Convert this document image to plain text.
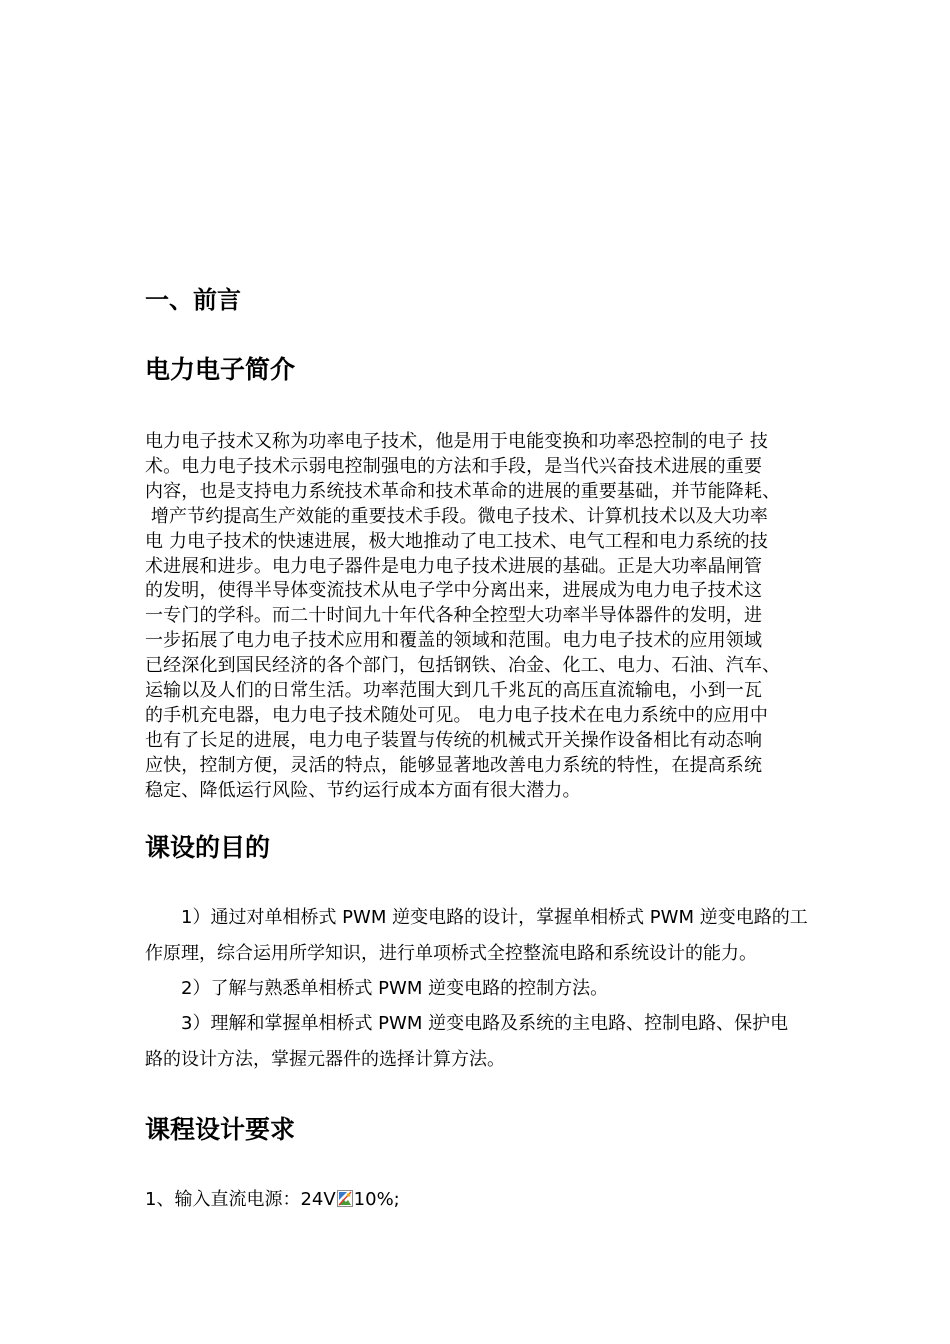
一、前言
电力电子简介
电力电子技术又称为功率电子技术，他是用于电能变换和功率恐控制的电子 技
术。电力电子技术示弱电控制强电的方法和手段，是当代兴奋技术进展的重要
内容，也是支持电力系统技术革命和技术革命的进展的重要基础，并节能降耗、
增产节约提高生产效能的重要技术手段。微电子技术、计算机技术以及大功率
电 力电子技术的快速进展，极大地推动了电工技术、电气工程和电力系统的技
术进展和进步。电力电子器件是电力电子技术进展的基础。正是大功率晶闸管
的发明，使得半导体变流技术从电子学中分离出来，进展成为电力电子技术这
一专门的学科。而二十时间九十年代各种全控型大功率半导体器件的发明，进
一步拓展了电力电子技术应用和覆盖的领域和范围。电力电子技术的应用领域
已经深化到国民经济的各个部门，包括钢铁、冶金、化工、电力、石油、汽车、
运输以及人们的日常生活。功率范围大到几千兆瓦的高压直流输电，小到一瓦
的手机充电器，电力电子技术随处可见。 电力电子技术在电力系统中的应用中
也有了长足的进展，电力电子装置与传统的机械式开关操作设备相比有动态响
应快，控制方便，灵活的特点，能够显著地改善电力系统的特性，在提高系统
稳定、降低运行风险、节约运行成本方面有很大潜力。
课设的目的
1）通过对单相桥式 PWM 逆变电路的设计，掌握单相桥式 PWM 逆变电路的工
作原理，综合运用所学知识，进行单项桥式全控整流电路和系统设计的能力。
2）了解与熟悉单相桥式 PWM 逆变电路的控制方法。
3）理解和掌握单相桥式 PWM 逆变电路及系统的主电路、控制电路、保护电
路的设计方法，掌握元器件的选择计算方法。
课程设计要求
1、输入直流电源：24V 10%;
